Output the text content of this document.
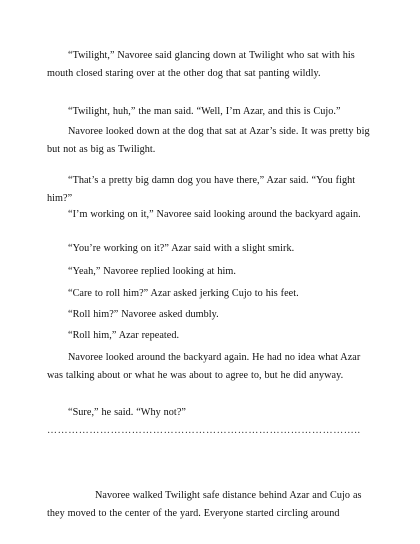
“Twilight,” Navoree said glancing down at Twilight who sat with his mouth closed staring over at the other dog that sat panting wildly.

“Twilight, huh,” the man said. “Well, I’m Azar, and this is Cujo.”

Navoree looked down at the dog that sat at Azar’s side. It was pretty big but not as big as Twilight.

“That’s a pretty big damn dog you have there,” Azar said. “You fight him?”

“I’m working on it,” Navoree said looking around the backyard again.

“You’re working on it?” Azar said with a slight smirk.

“Yeah,” Navoree replied looking at him.

“Care to roll him?” Azar asked jerking Cujo to his feet.

“Roll him?” Navoree asked dumbly.

“Roll him,” Azar repeated.

Navoree looked around the backyard again. He had no idea what Azar was talking about or what he was about to agree to, but he did anyway.

“Sure,” he said. “Why not?”

……………………………………………………………………………..

Navoree walked Twilight safe distance behind Azar and Cujo as they moved to the center of the yard. Everyone started circling around
